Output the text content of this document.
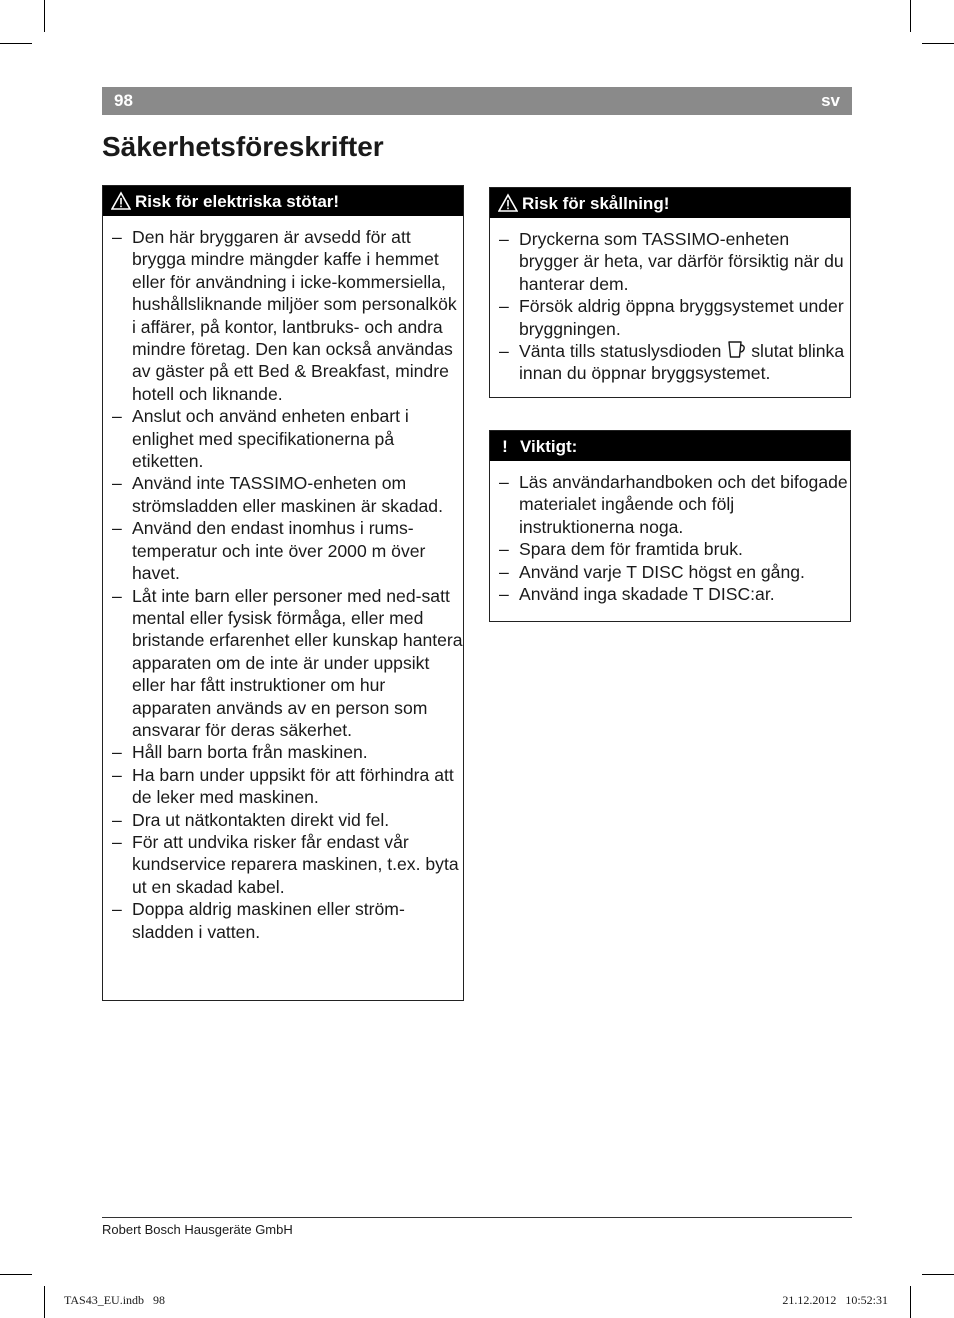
98	sv
Säkerhetsföreskrifter
Risk för elektriska stötar!
– Den här bryggaren är avsedd för att brygga mindre mängder kaffe i hemmet eller för användning i icke-kommersiella, hushållsliknande miljöer som personalkök i affärer, på kontor, lantbruks- och andra mindre företag. Den kan också användas av gäster på ett Bed & Breakfast, mindre hotell och liknande.
– Anslut och använd enheten enbart i enlighet med specifikationerna på etiketten.
– Använd inte TASSIMO-enheten om strömsladden eller maskinen är skadad.
– Använd den endast inomhus i rums-temperatur och inte över 2000 m över havet.
– Låt inte barn eller personer med ned-satt mental eller fysisk förmåga, eller med bristande erfarenhet eller kunskap hantera apparaten om de inte är under uppsikt eller har fått instruktioner om hur apparaten används av en person som ansvarar för deras säkerhet.
– Håll barn borta från maskinen.
– Ha barn under uppsikt för att förhindra att de leker med maskinen.
– Dra ut nätkontakten direkt vid fel.
– För att undvika risker får endast vår kundservice reparera maskinen, t.ex. byta ut en skadad kabel.
– Doppa aldrig maskinen eller ström-sladden i vatten.
Risk för skållning!
– Dryckerna som TASSIMO-enheten brygger är heta, var därför försiktig när du hanterar dem.
– Försök aldrig öppna bryggsystemet under bryggningen.
– Vänta tills statuslysdioden slutat blinka innan du öppnar bryggsystemet.
! Viktigt:
– Läs användarhandboken och det bifogade materialet ingående och följ instruktionerna noga.
– Spara dem för framtida bruk.
– Använd varje T DISC högst en gång.
– Använd inga skadade T DISC:ar.
Robert Bosch Hausgeräte GmbH
TAS43_EU.indb   98	21.12.2012   10:52:31
